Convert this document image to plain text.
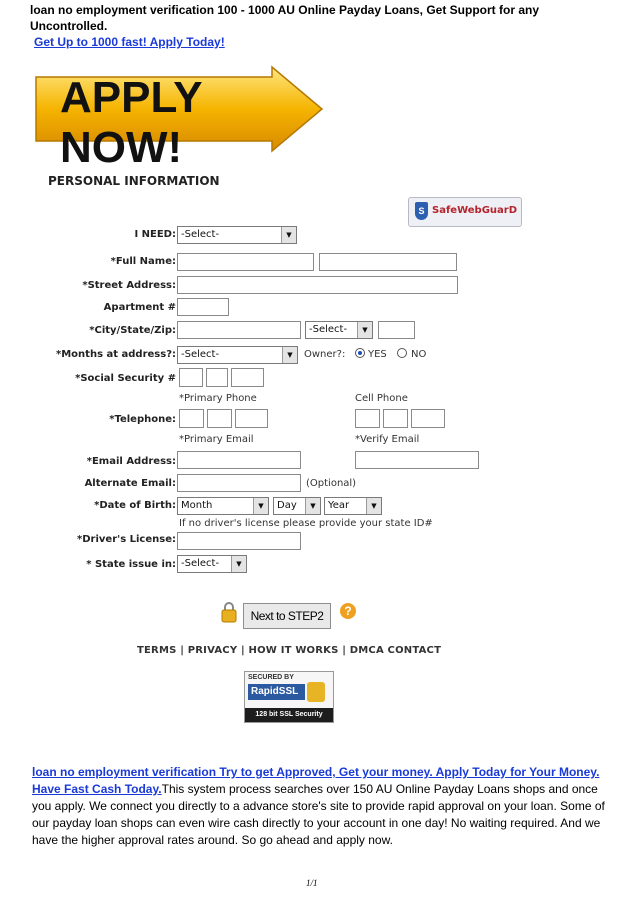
loan no employment verification 100 - 1000 AU Online Payday Loans, Get Support for any Uncontrolled.
Get Up to 1000 fast! Apply Today!
APPLY NOW!
PERSONAL INFORMATION
S SafeWebGuarD
I NEED: -Select-	▼
*Full Name:
*Street Address:
Apartment #
*City/State/Zip:	-Select-	▼
*Months at address?: -Select-	▼	Owner?: YES NO
*Social Security #
*Primary Phone	Cell Phone
*Telephone:
*Primary Email	*Verify Email
*Email Address:
Alternate Email:	(Optional)
*Date of Birth: Month	▼	Day	▼	Year	▼
If no driver's license please provide your state ID#
*Driver's License:
* State issue in: -Select-	▼
Next to STEP2	?
TERMS | PRIVACY | HOW IT WORKS | DMCA CONTACT
SECURED BY
RapidSSL
128 bit SSL Security
loan no employment verification Try to get Approved, Get your money. Apply Today for Your Money. Have Fast Cash Today.This system process searches over 150 AU Online Payday Loans shops and once you apply. We connect you directly to a advance store's site to provide rapid approval on your loan. Some of our payday loan shops can even wire cash directly to your account in one day! No waiting required. And we have the higher approval rates around. So go ahead and apply now.
1/1
